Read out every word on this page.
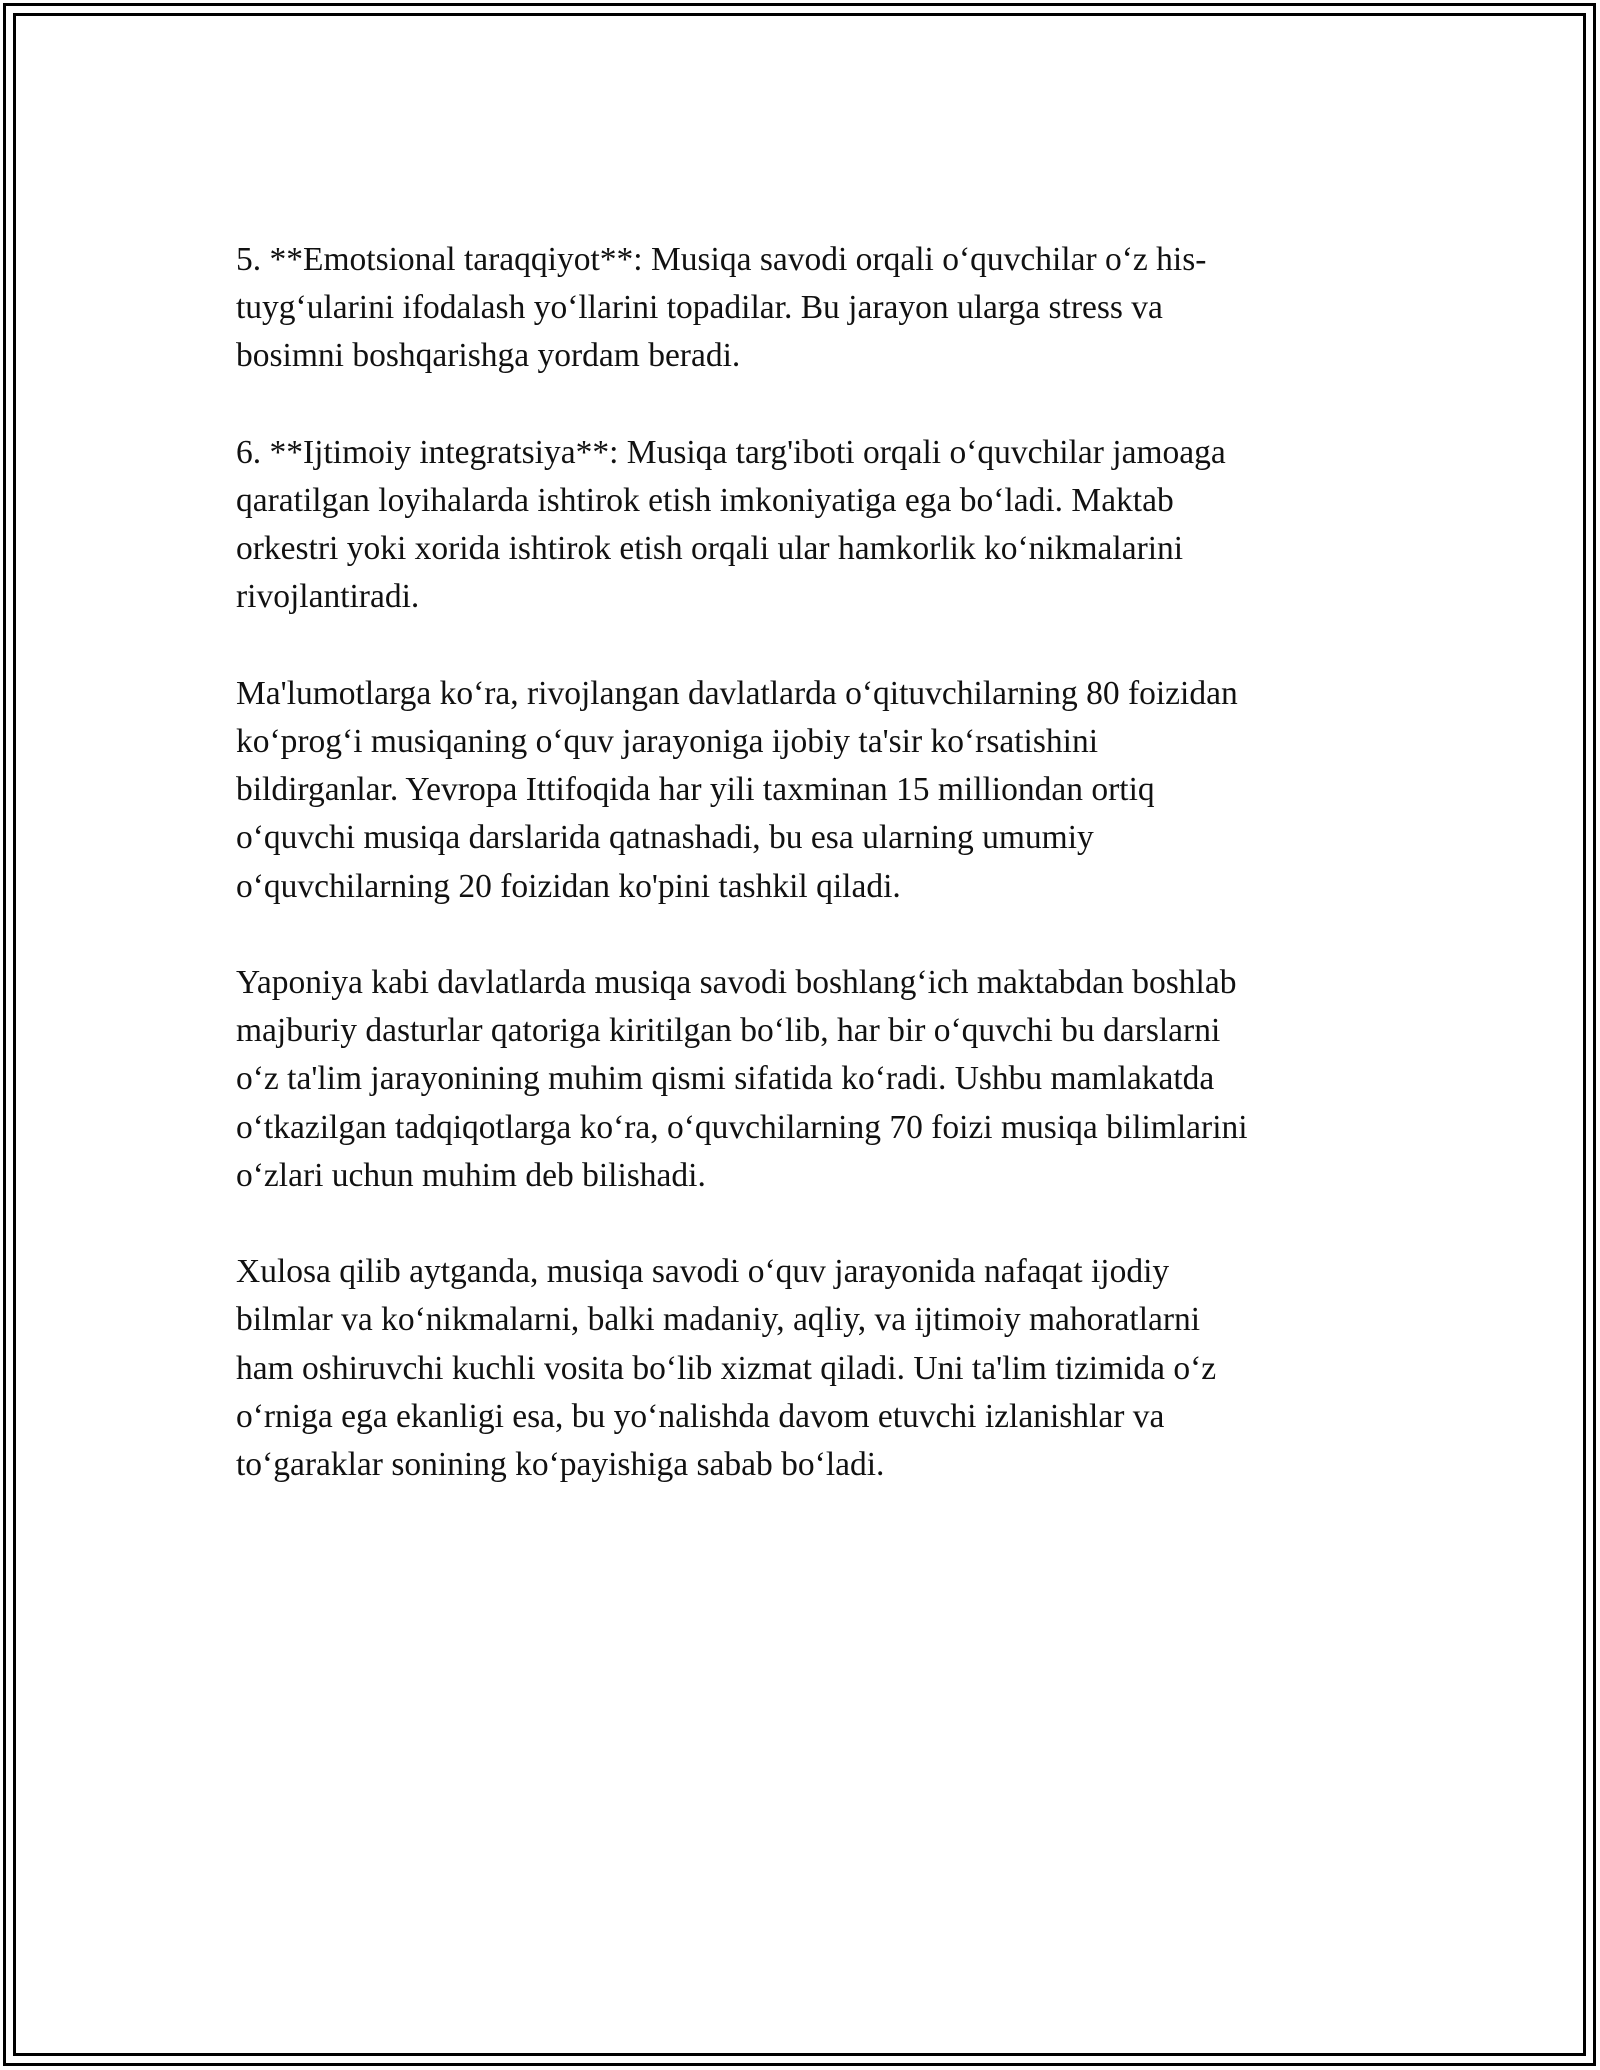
5. **Emotsional taraqqiyot**: Musiqa savodi orqali o‘quvchilar o‘z his-
tuyg‘ularini ifodalash yo‘llarini topadilar. Bu jarayon ularga stress va
bosimni boshqarishga yordam beradi.

6. **Ijtimoiy integratsiya**: Musiqa targ'iboti orqali o‘quvchilar jamoaga
qaratilgan loyihalarda ishtirok etish imkoniyatiga ega bo‘ladi. Maktab
orkestri yoki xorida ishtirok etish orqali ular hamkorlik ko‘nikmalarini
rivojlantiradi.

Ma'lumotlarga ko‘ra, rivojlangan davlatlarda o‘qituvchilarning 80 foizidan
ko‘prog‘i musiqaning o‘quv jarayoniga ijobiy ta'sir ko‘rsatishini
bildirganlar. Yevropa Ittifoqida har yili taxminan 15 milliondan ortiq
o‘quvchi musiqa darslarida qatnashadi, bu esa ularning umumiy
o‘quvchilarning 20 foizidan ko'pini tashkil qiladi.

Yaponiya kabi davlatlarda musiqa savodi boshlang‘ich maktabdan boshlab
majburiy dasturlar qatoriga kiritilgan bo‘lib, har bir o‘quvchi bu darslarni
o‘z ta'lim jarayonining muhim qismi sifatida ko‘radi. Ushbu mamlakatda
o‘tkazilgan tadqiqotlarga ko‘ra, o‘quvchilarning 70 foizi musiqa bilimlarini
o‘zlari uchun muhim deb bilishadi.

Xulosa qilib aytganda, musiqa savodi o‘quv jarayonida nafaqat ijodiy
bilmlar va ko‘nikmalarni, balki madaniy, aqliy, va ijtimoiy mahoratlarni
ham oshiruvchi kuchli vosita bo‘lib xizmat qiladi. Uni ta'lim tizimida o‘z
o‘rniga ega ekanligi esa, bu yo‘nalishda davom etuvchi izlanishlar va
to‘garaklar sonining ko‘payishiga sabab bo‘ladi.
